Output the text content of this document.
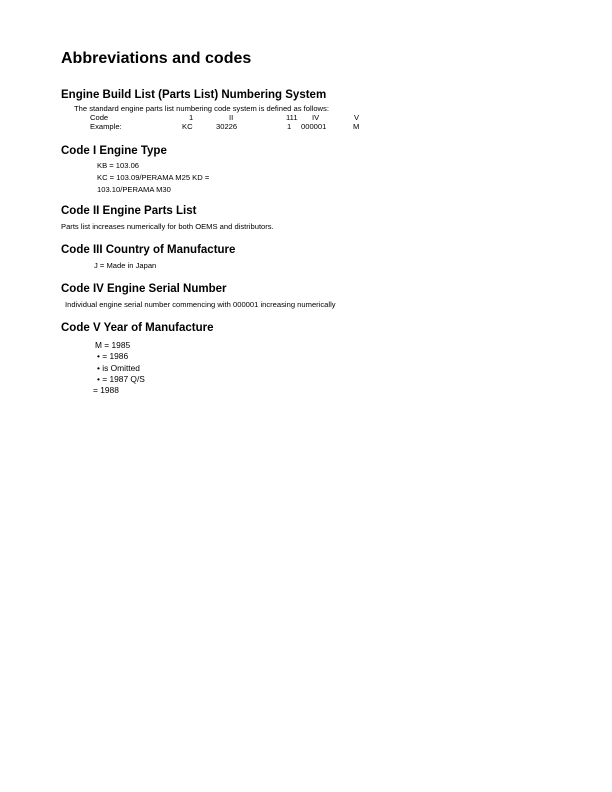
Abbreviations and codes
Engine Build List (Parts List) Numbering System
The standard engine parts list numbering code system is defined as follows:
Code	1	II	111 IV	V
Example:	KC	30226	1 000001	M
Code I Engine Type
KB = 103.06
KC = 103.09/PERAMA M25 KD =
103.10/PERAMA M30
Code II Engine Parts List
Parts list increases numerically for both OEMS and distributors.
Code III Country of Manufacture
J = Made in Japan
Code IV Engine Serial Number
Individual engine serial number commencing with 000001 increasing numerically
Code V Year of Manufacture
M = 1985
• = 1986
• is Omitted
• = 1987 Q/S
= 1988
